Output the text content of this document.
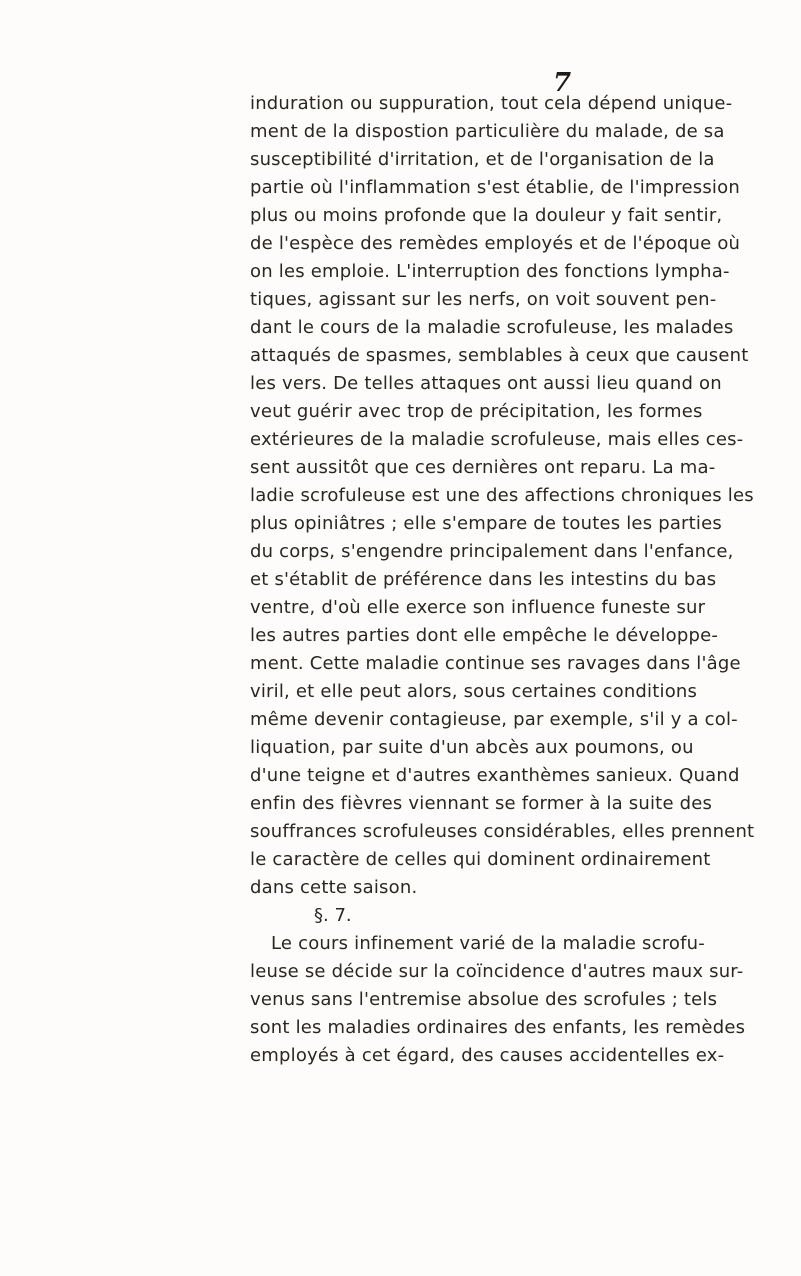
7
induration ou suppuration, tout cela dépend unique-
ment de la dispostion particulière du malade, de sa
susceptibilité d'irritation, et de l'organisation de la
partie où l'inflammation s'est établie, de l'impression
plus ou moins profonde que la douleur y fait sentir,
de l'espèce des remèdes employés et de l'époque où
on les emploie. L'interruption des fonctions lympha-
tiques, agissant sur les nerfs, on voit souvent pen-
dant le cours de la maladie scrofuleuse, les malades
attaqués de spasmes, semblables à ceux que causent
les vers. De telles attaques ont aussi lieu quand on
veut guérir avec trop de précipitation, les formes
extérieures de la maladie scrofuleuse, mais elles ces-
sent aussitôt que ces dernières ont reparu. La ma-
ladie scrofuleuse est une des affections chroniques les
plus opiniâtres ; elle s'empare de toutes les parties
du corps, s'engendre principalement dans l'enfance,
et s'établit de préférence dans les intestins du bas
ventre, d'où elle exerce son influence funeste sur
les autres parties dont elle empêche le développe-
ment. Cette maladie continue ses ravages dans l'âge
viril, et elle peut alors, sous certaines conditions
même devenir contagieuse, par exemple, s'il y a col-
liquation, par suite d'un abcès aux poumons, ou
d'une teigne et d'autres exanthèmes sanieux. Quand
enfin des fièvres viennant se former à la suite des
souffrances scrofuleuses considérables, elles prennent
le caractère de celles qui dominent ordinairement
dans cette saison.
§. 7.
Le cours infinement varié de la maladie scrofu-
leuse se décide sur la coïncidence d'autres maux sur-
venus sans l'entremise absolue des scrofules ; tels
sont les maladies ordinaires des enfants, les remèdes
employés à cet égard, des causes accidentelles ex-
